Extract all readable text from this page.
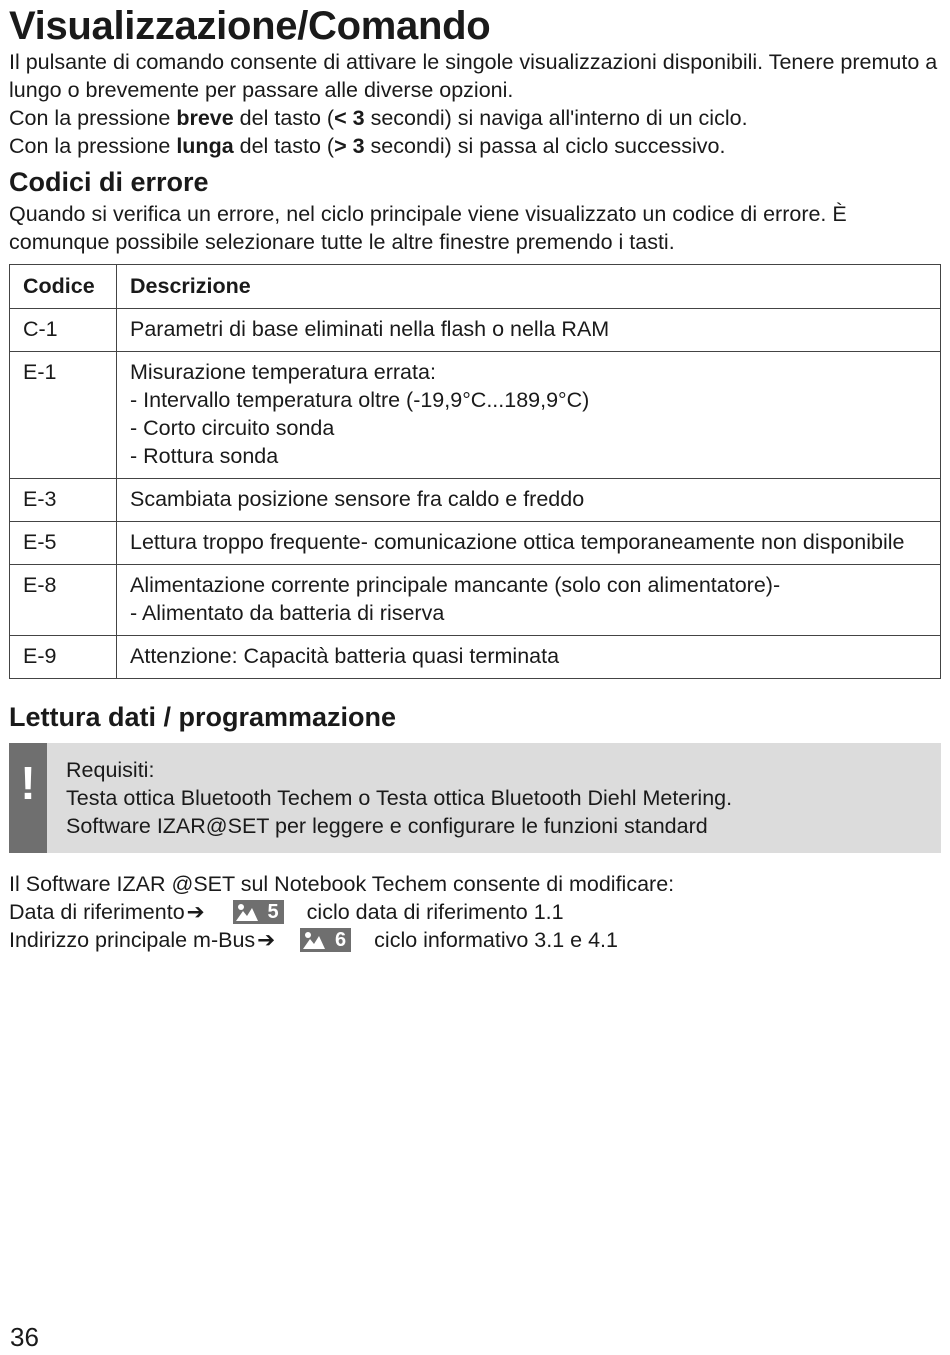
Visualizzazione/Comando

Il pulsante di comando consente di attivare le singole visualizzazioni disponibili. Tenere premuto a lungo o brevemente per passare alle diverse opzioni.

Con la pressione breve del tasto (< 3 secondi) si naviga all'interno di un ciclo.

Con la pressione lunga del tasto (> 3 secondi) si passa al ciclo successivo.

Codici di errore

Quando si verifica un errore, nel ciclo principale viene visualizzato un codice di errore. È comunque possibile selezionare tutte le altre finestre premendo i tasti.

Codice	Descrizione
C-1	Parametri di base eliminati nella flash o nella RAM

E-1	Misurazione temperatura errata:
- Intervallo temperatura oltre (-19,9°C...189,9°C)
- Corto circuito sonda
- Rottura sonda

E-3	Scambiata posizione sensore fra caldo e freddo

E-5	Lettura troppo frequente- comunicazione ottica temporaneamente non disponibile

E-8	Alimentazione corrente principale mancante (solo con alimentatore)-
- Alimentato da batteria di riserva

E-9	Attenzione: Capacità batteria quasi terminata
Lettura dati / programmazione
!	Requisiti:
Testa ottica Bluetooth Techem o Testa ottica Bluetooth Diehl Metering.
Software IZAR@SET per leggere e configurare le funzioni standard

Il Software IZAR @SET sul Notebook Techem consente di modificare:

Data di riferimento ➔	5 ciclo data di riferimento 1.1
Indirizzo principale m-Bus ➔	6 ciclo informativo 3.1 e 4.1
36
